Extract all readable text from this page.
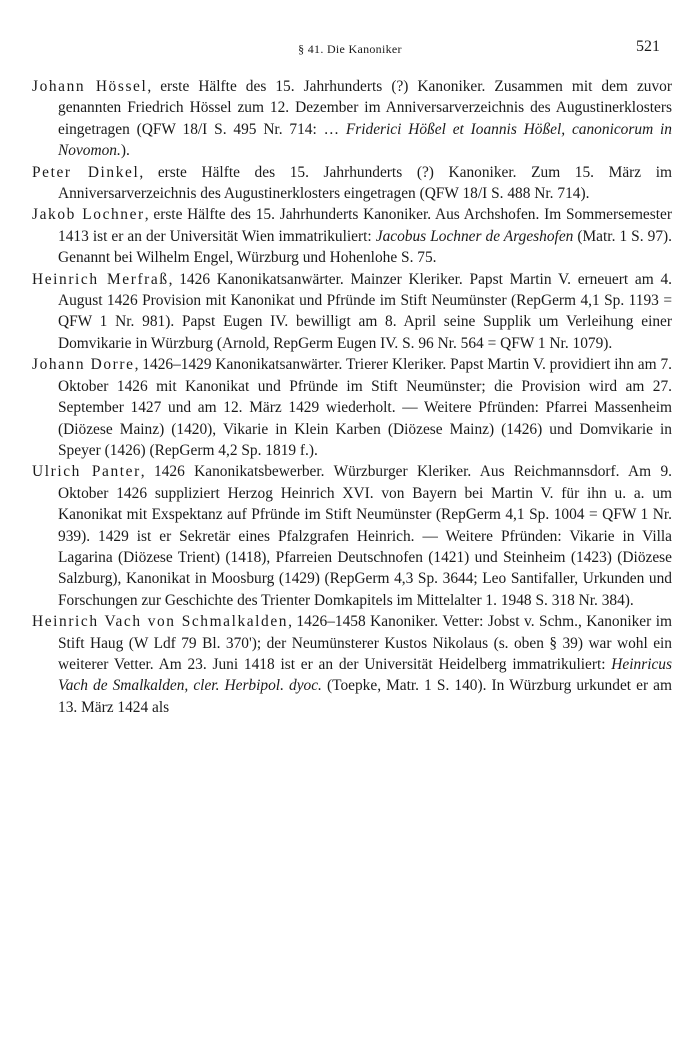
§ 41. Die Kanoniker	521

Johann Hössel, erste Hälfte des 15. Jahrhunderts (?) Kanoniker. Zusammen mit dem zuvor genannten Friedrich Hössel zum 12. Dezember im Anniversarverzeichnis des Augustinerklosters eingetragen (QFW 18/I S. 495 Nr. 714: … Friderici Hößel et Ioannis Hößel, canonicorum in Novomon.).

Peter Dinkel, erste Hälfte des 15. Jahrhunderts (?) Kanoniker. Zum 15. März im Anniversarverzeichnis des Augustinerklosters eingetragen (QFW 18/I S. 488 Nr. 714).

Jakob Lochner, erste Hälfte des 15. Jahrhunderts Kanoniker. Aus Archshofen. Im Sommersemester 1413 ist er an der Universität Wien immatrikuliert: Jacobus Lochner de Argeshofen (Matr. 1 S. 97). Genannt bei Wilhelm Engel, Würzburg und Hohenlohe S. 75.

Heinrich Merfraß, 1426 Kanonikatsanwärter. Mainzer Kleriker. Papst Martin V. erneuert am 4. August 1426 Provision mit Kanonikat und Pfründe im Stift Neumünster (RepGerm 4,1 Sp. 1193 = QFW 1 Nr. 981). Papst Eugen IV. bewilligt am 8. April seine Supplik um Verleihung einer Domvikarie in Würzburg (Arnold, RepGerm Eugen IV. S. 96 Nr. 564 = QFW 1 Nr. 1079).

Johann Dorre, 1426–1429 Kanonikatsanwärter. Trierer Kleriker. Papst Martin V. providiert ihn am 7. Oktober 1426 mit Kanonikat und Pfründe im Stift Neumünster; die Provision wird am 27. September 1427 und am 12. März 1429 wiederholt. — Weitere Pfründen: Pfarrei Massenheim (Diözese Mainz) (1420), Vikarie in Klein Karben (Diözese Mainz) (1426) und Domvikarie in Speyer (1426) (RepGerm 4,2 Sp. 1819 f.).

Ulrich Panter, 1426 Kanonikatsbewerber. Würzburger Kleriker. Aus Reichmannsdorf. Am 9. Oktober 1426 suppliziert Herzog Heinrich XVI. von Bayern bei Martin V. für ihn u. a. um Kanonikat mit Exspektanz auf Pfründe im Stift Neumünster (RepGerm 4,1 Sp. 1004 = QFW 1 Nr. 939). 1429 ist er Sekretär eines Pfalzgrafen Heinrich. — Weitere Pfründen: Vikarie in Villa Lagarina (Diözese Trient) (1418), Pfarreien Deutschnofen (1421) und Steinheim (1423) (Diözese Salzburg), Kanonikat in Moosburg (1429) (RepGerm 4,3 Sp. 3644; Leo Santifaller, Urkunden und Forschungen zur Geschichte des Trienter Domkapitels im Mittelalter 1. 1948 S. 318 Nr. 384).

Heinrich Vach von Schmalkalden, 1426–1458 Kanoniker. Vetter: Jobst v. Schm., Kanoniker im Stift Haug (W Ldf 79 Bl. 370'); der Neumünsterer Kustos Nikolaus (s. oben § 39) war wohl ein weiterer Vetter. Am 23. Juni 1418 ist er an der Universität Heidelberg immatrikuliert: Heinricus Vach de Smalkalden, cler. Herbipol. dyoc. (Toepke, Matr. 1 S. 140). In Würzburg urkundet er am 13. März 1424 als
